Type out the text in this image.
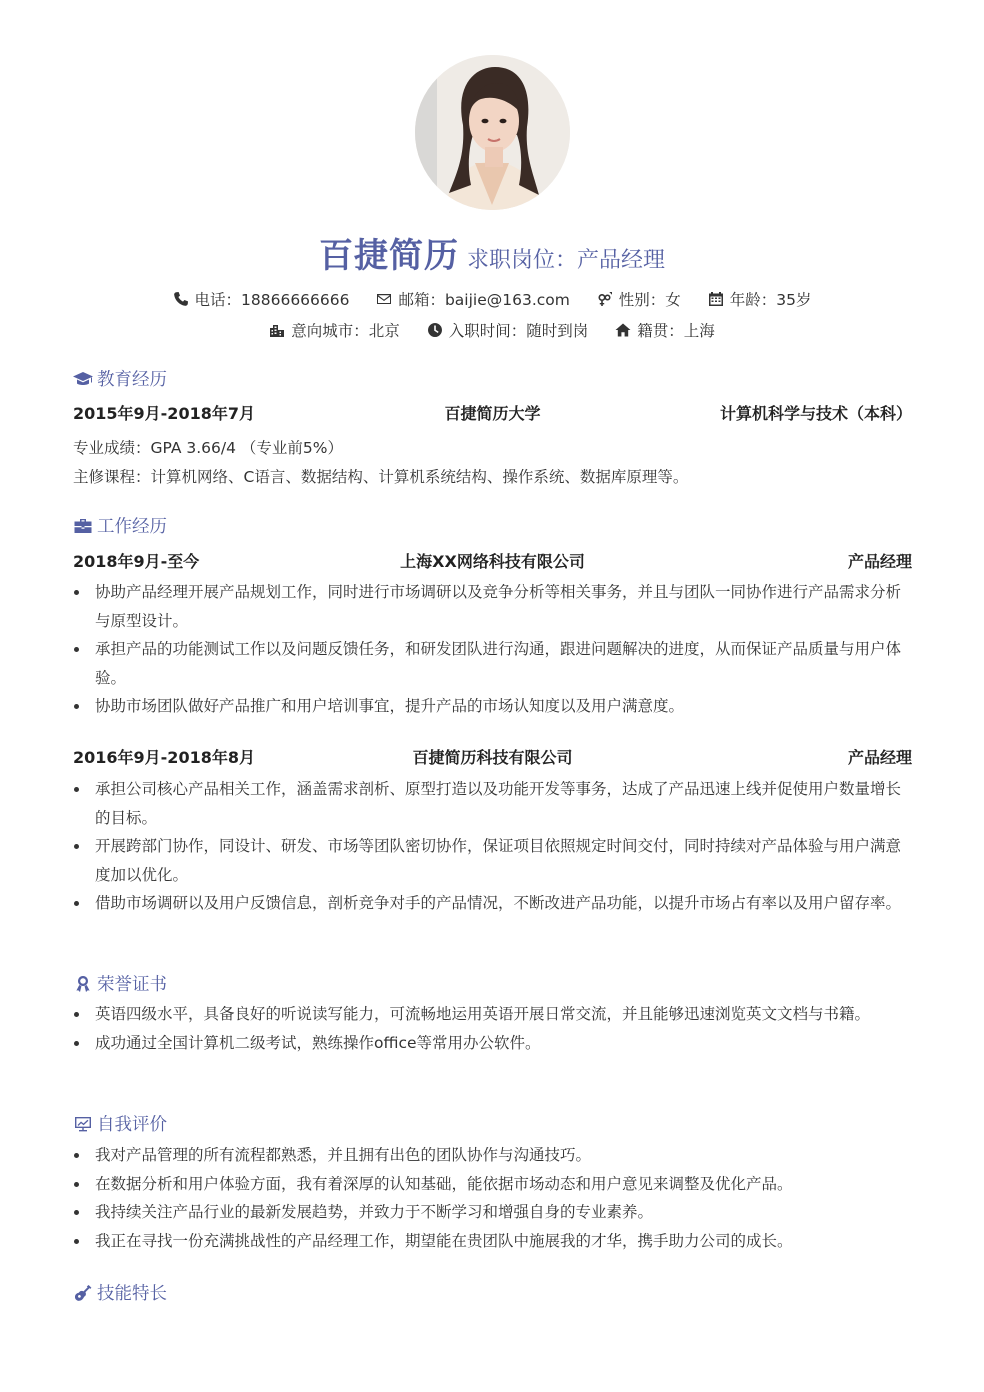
百捷简历 求职岗位：产品经理
电话：18866666666	邮箱：baijie@163.com	性别：女	年龄：35岁
意向城市：北京	入职时间：随时到岗	籍贯：上海
教育经历
2015年9月-2018年7月	百捷简历大学	计算机科学与技术（本科）
专业成绩：GPA 3.66/4 （专业前5%）
主修课程：计算机网络、C语言、数据结构、计算机系统结构、操作系统、数据库原理等。
工作经历
2018年9月-至今	上海XX网络科技有限公司	产品经理
协助产品经理开展产品规划工作，同时进行市场调研以及竞争分析等相关事务，并且与团队一同协作进行产品需求分析与原型设计。
承担产品的功能测试工作以及问题反馈任务，和研发团队进行沟通，跟进问题解决的进度，从而保证产品质量与用户体验。
协助市场团队做好产品推广和用户培训事宜，提升产品的市场认知度以及用户满意度。
2016年9月-2018年8月	百捷简历科技有限公司	产品经理
承担公司核心产品相关工作，涵盖需求剖析、原型打造以及功能开发等事务，达成了产品迅速上线并促使用户数量增长的目标。
开展跨部门协作，同设计、研发、市场等团队密切协作，保证项目依照规定时间交付，同时持续对产品体验与用户满意度加以优化。
借助市场调研以及用户反馈信息，剖析竞争对手的产品情况，不断改进产品功能，以提升市场占有率以及用户留存率。
荣誉证书
英语四级水平，具备良好的听说读写能力，可流畅地运用英语开展日常交流，并且能够迅速浏览英文文档与书籍。
成功通过全国计算机二级考试，熟练操作office等常用办公软件。
自我评价
我对产品管理的所有流程都熟悉，并且拥有出色的团队协作与沟通技巧。
在数据分析和用户体验方面，我有着深厚的认知基础，能依据市场动态和用户意见来调整及优化产品。
我持续关注产品行业的最新发展趋势，并致力于不断学习和增强自身的专业素养。
我正在寻找一份充满挑战性的产品经理工作，期望能在贵团队中施展我的才华，携手助力公司的成长。
技能特长
